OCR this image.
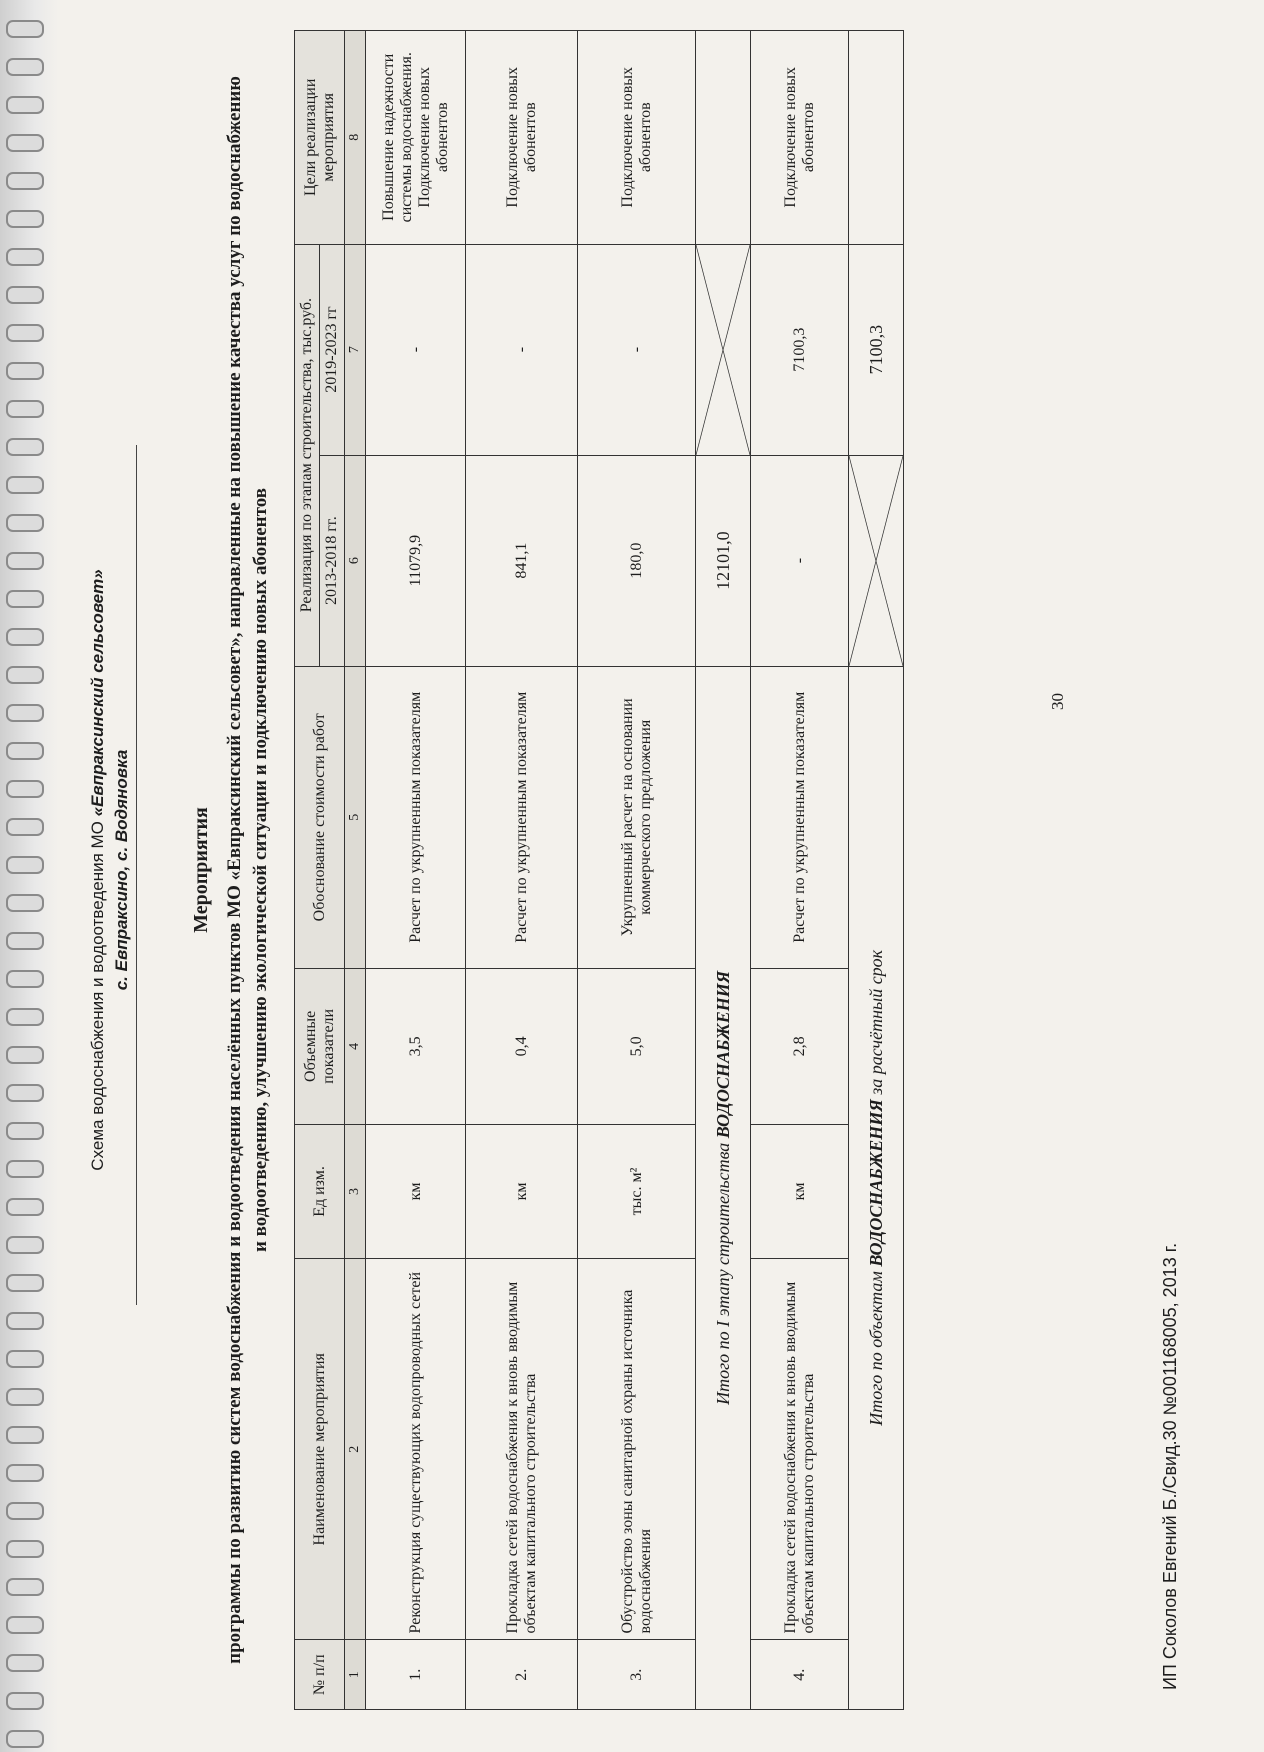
Схема водоснабжения и водоотведения МО «Евпраксинский сельсовет»
с. Евпраксино, с. Водяновка	Мероприятия программы по развитию систем водоснабжения и водоотведения населённых пунктов МО «Евпраксинский сельсовет», направленные на повышение качества услуг по водоснабжению и водоотведению, улучшению экологической ситуации и подключению новых абонентов
№ п/п	Наименование мероприятия	Ед изм.	Объемные показатели	Обоснование стоимости работ	Реализация по этапам строительства, тыс.руб.		Цели реализации мероприятия
					2013-2018 гг.	2019-2023 гг	
1	2	3	4	5	6	7	8
1.	Реконструкция существующих водопроводных сетей	км	3,5	Расчет по укрупненным показателям	11079,9	-	Повышение надежности системы водоснабжения. Подключение новых абонентов
2.	Прокладка сетей водоснабжения к вновь вводимым объектам капитального строительства	км	0,4	Расчет по укрупненным показателям	841,1	-	Подключение новых абонентов
3.	Обустройство зоны санитарной охраны источника водоснабжения	тыс. м²	5,0	Укрупненный расчет на основании коммерческого предложения	180,0	-	Подключение новых абонентов
Итого по I этапу строительства ВОДОСНАБЖЕНИЯ					12101,0	

4.	Прокладка сетей водоснабжения к вновь вводимым объектам капитального строительства	км	2,8	Расчет по укрупненным показателям	-	7100,3	Подключение новых абонентов
Итого по объектам ВОДОСНАБЖЕНИЯ за расчётный срок						7100,3	
30
ИП Соколов Евгений Б./Свид.30 №001168005, 2013 г.
